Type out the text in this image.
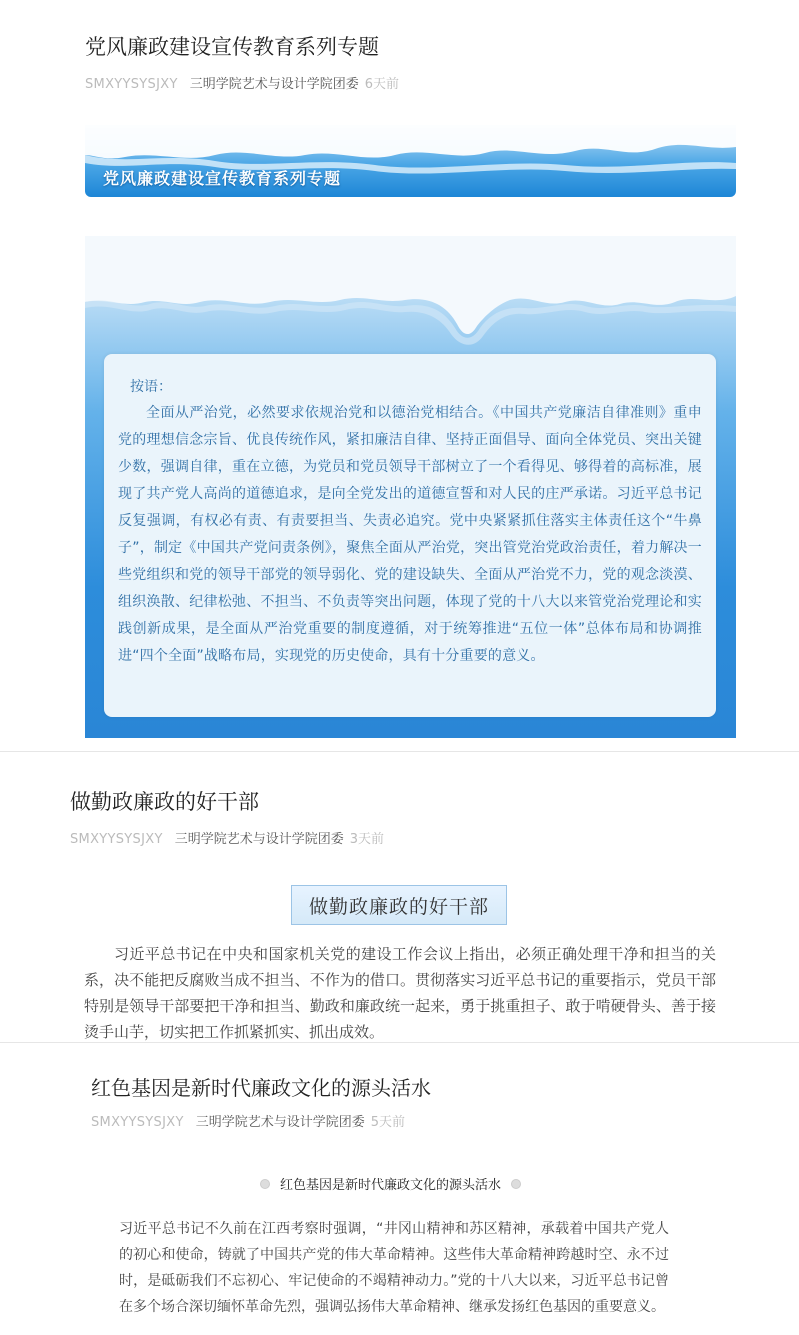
党风廉政建设宣传教育系列专题
SMXYYSYSJXY 三明学院艺术与设计学院团委 6天前
党风廉政建设宣传教育系列专题
按语：
全面从严治党，必然要求依规治党和以德治党相结合。《中国共产党廉洁自律准则》重申党的理想信念宗旨、优良传统作风，紧扣廉洁自律、坚持正面倡导、面向全体党员、突出关键少数，强调自律，重在立德，为党员和党员领导干部树立了一个看得见、够得着的高标准，展现了共产党人高尚的道德追求，是向全党发出的道德宣誓和对人民的庄严承诺。习近平总书记反复强调，有权必有责、有责要担当、失责必追究。党中央紧紧抓住落实主体责任这个“牛鼻子”，制定《中国共产党问责条例》，聚焦全面从严治党，突出管党治党政治责任，着力解决一些党组织和党的领导干部党的领导弱化、党的建设缺失、全面从严治党不力，党的观念淡漠、组织涣散、纪律松弛、不担当、不负责等突出问题，体现了党的十八大以来管党治党理论和实践创新成果，是全面从严治党重要的制度遵循，对于统筹推进“五位一体”总体布局和协调推进“四个全面”战略布局，实现党的历史使命，具有十分重要的意义。
做勤政廉政的好干部
SMXYYSYSJXY 三明学院艺术与设计学院团委 3天前
做勤政廉政的好干部
习近平总书记在中央和国家机关党的建设工作会议上指出，必须正确处理干净和担当的关系，决不能把反腐败当成不担当、不作为的借口。贯彻落实习近平总书记的重要指示，党员干部特别是领导干部要把干净和担当、勤政和廉政统一起来，勇于挑重担子、敢于啃硬骨头、善于接烫手山芋，切实把工作抓紧抓实、抓出成效。
红色基因是新时代廉政文化的源头活水
SMXYYSYSJXY 三明学院艺术与设计学院团委 5天前
红色基因是新时代廉政文化的源头活水
习近平总书记不久前在江西考察时强调，“井冈山精神和苏区精神，承载着中国共产党人的初心和使命，铸就了中国共产党的伟大革命精神。这些伟大革命精神跨越时空、永不过时，是砥砺我们不忘初心、牢记使命的不竭精神动力。”党的十八大以来，习近平总书记曾在多个场合深切缅怀革命先烈，强调弘扬伟大革命精神、继承发扬红色基因的重要意义。
